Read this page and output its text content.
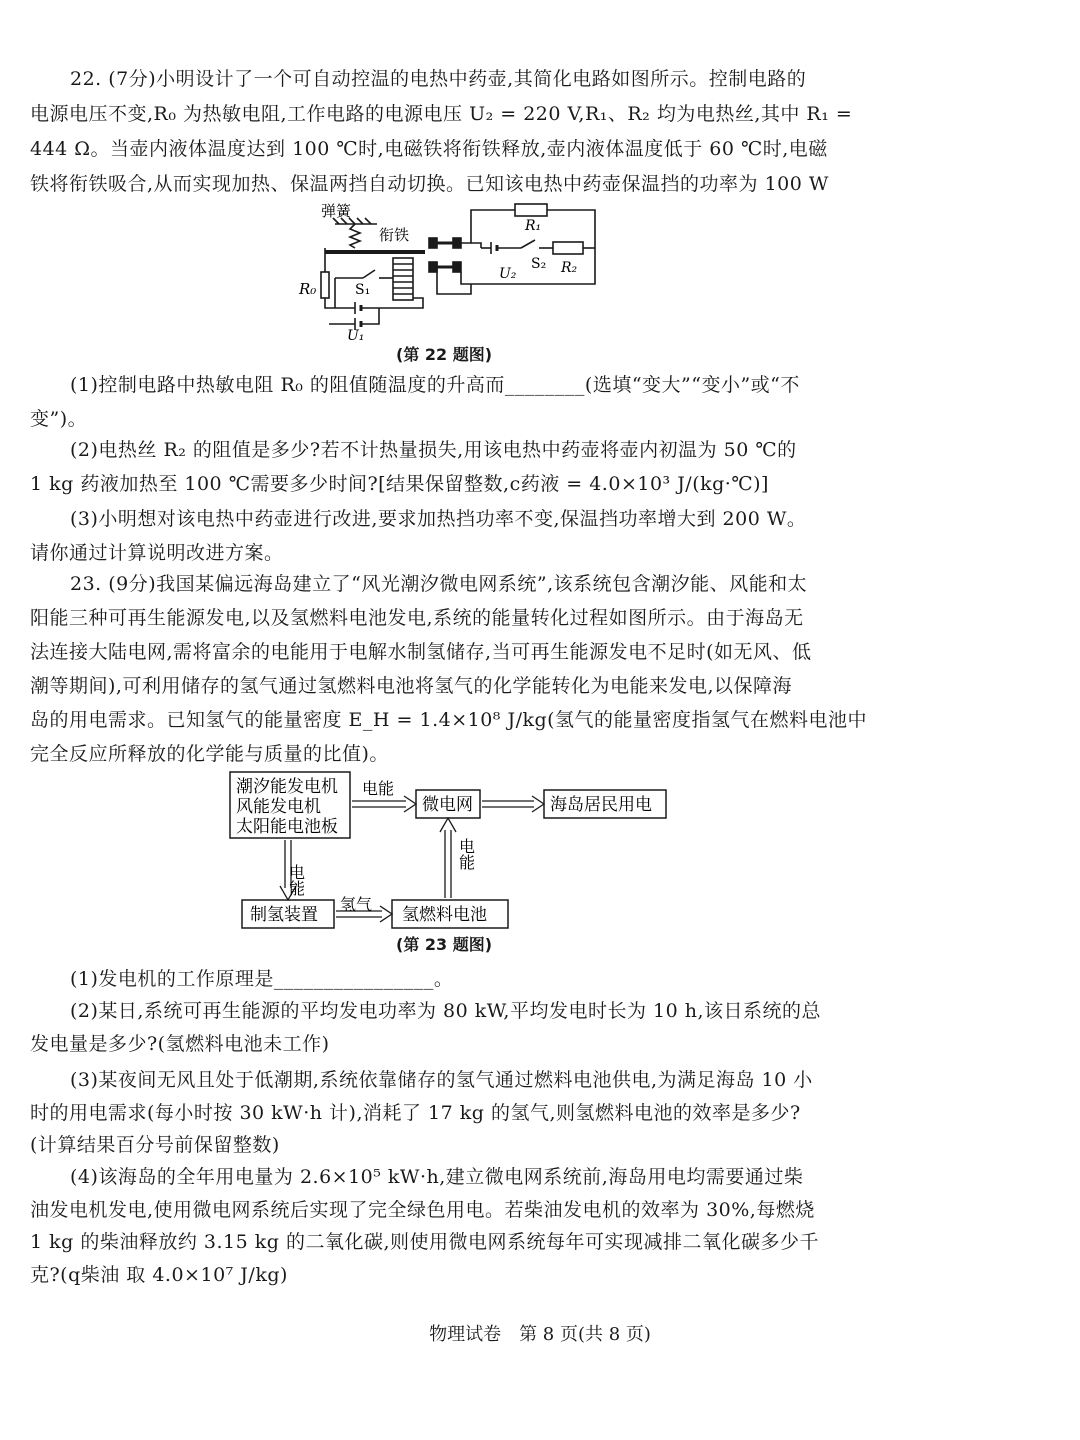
22. (7分)小明设计了一个可自动控温的电热中药壶,其简化电路如图所示。控制电路的
电源电压不变,R₀ 为热敏电阻,工作电路的电源电压 U₂ = 220 V,R₁、R₂ 均为电热丝,其中 R₁ =
444 Ω。当壶内液体温度达到 100 ℃时,电磁铁将衔铁释放,壶内液体温度低于 60 ℃时,电磁
铁将衔铁吸合,从而实现加热、保温两挡自动切换。已知该电热中药壶保温挡的功率为 100 W
弹簧
衔铁
R₀	S₁
U₁
R₁
U₂
S₂ R₂
(第 22 题图)
(1)控制电路中热敏电阻 R₀ 的阻值随温度的升高而________(选填“变大”“变小”或“不
变”)。
(2)电热丝 R₂ 的阻值是多少?若不计热量损失,用该电热中药壶将壶内初温为 50 ℃的
1 kg 药液加热至 100 ℃需要多少时间?[结果保留整数,c药液 = 4.0×10³ J/(kg·℃)]
(3)小明想对该电热中药壶进行改进,要求加热挡功率不变,保温挡功率增大到 200 W。
请你通过计算说明改进方案。
23. (9分)我国某偏远海岛建立了“风光潮汐微电网系统”,该系统包含潮汐能、风能和太
阳能三种可再生能源发电,以及氢燃料电池发电,系统的能量转化过程如图所示。由于海岛无
法连接大陆电网,需将富余的电能用于电解水制氢储存,当可再生能源发电不足时(如无风、低
潮等期间),可利用储存的氢气通过氢燃料电池将氢气的化学能转化为电能来发电,以保障海
岛的用电需求。已知氢气的能量密度 E_H = 1.4×10⁸ J/kg(氢气的能量密度指氢气在燃料电池中
完全反应所释放的化学能与质量的比值)。
潮汐能发电机
风能发电机
太阳能电池板
微电网	海岛居民用电
制氢装置	氢燃料电池
电能
氢气
电能
电能
(第 23 题图)
(1)发电机的工作原理是________________。
(2)某日,系统可再生能源的平均发电功率为 80 kW,平均发电时长为 10 h,该日系统的总
发电量是多少?(氢燃料电池未工作)
(3)某夜间无风且处于低潮期,系统依靠储存的氢气通过燃料电池供电,为满足海岛 10 小
时的用电需求(每小时按 30 kW·h 计),消耗了 17 kg 的氢气,则氢燃料电池的效率是多少?
(计算结果百分号前保留整数)
(4)该海岛的全年用电量为 2.6×10⁵ kW·h,建立微电网系统前,海岛用电均需要通过柴
油发电机发电,使用微电网系统后实现了完全绿色用电。若柴油发电机的效率为 30%,每燃烧
1 kg 的柴油释放约 3.15 kg 的二氧化碳,则使用微电网系统每年可实现减排二氧化碳多少千
克?(q柴油 取 4.0×10⁷ J/kg)
物理试卷　第 8 页(共 8 页)
